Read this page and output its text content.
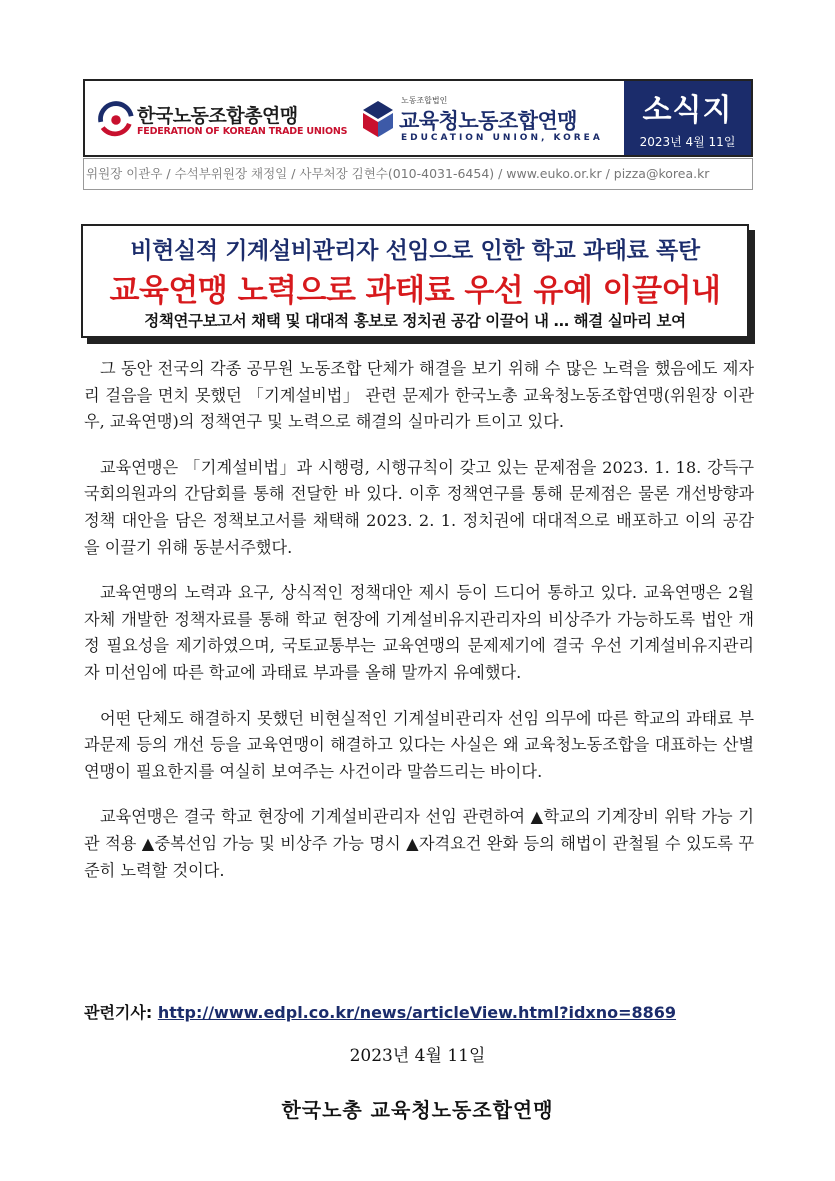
한국노동조합총연맹
FEDERATION OF KOREAN TRADE UNIONS
노동조합법인
교육청노동조합연맹
EDUCATION UNION, KOREA
소식지
2023년 4월 11일
위원장 이관우 / 수석부위원장 채정일 / 사무처장 김현수(010-4031-6454) / www.euko.or.kr / pizza@korea.kr
비현실적 기계설비관리자 선임으로 인한 학교 과태료 폭탄
교육연맹 노력으로 과태료 우선 유예 이끌어내
정책연구보고서 채택 및 대대적 홍보로 정치권 공감 이끌어 내 … 해결 실마리 보여

그 동안 전국의 각종 공무원 노동조합 단체가 해결을 보기 위해 수 많은 노력을 했음에도 제자리 걸음을 면치 못했던 「기계설비법」 관련 문제가 한국노총 교육청노동조합연맹(위원장 이관우, 교육연맹)의 정책연구 및 노력으로 해결의 실마리가 트이고 있다.

교육연맹은 「기계설비법」과 시행령, 시행규칙이 갖고 있는 문제점을 2023. 1. 18. 강득구 국회의원과의 간담회를 통해 전달한 바 있다. 이후 정책연구를 통해 문제점은 물론 개선방향과 정책 대안을 담은 정책보고서를 채택해 2023. 2. 1. 정치권에 대대적으로 배포하고 이의 공감을 이끌기 위해 동분서주했다.

교육연맹의 노력과 요구, 상식적인 정책대안 제시 등이 드디어 통하고 있다. 교육연맹은 2월 자체 개발한 정책자료를 통해 학교 현장에 기계설비유지관리자의 비상주가 가능하도록 법안 개정 필요성을 제기하였으며, 국토교통부는 교육연맹의 문제제기에 결국 우선 기계설비유지관리자 미선임에 따른 학교에 과태료 부과를 올해 말까지 유예했다.

어떤 단체도 해결하지 못했던 비현실적인 기계설비관리자 선임 의무에 따른 학교의 과태료 부과문제 등의 개선 등을 교육연맹이 해결하고 있다는 사실은 왜 교육청노동조합을 대표하는 산별연맹이 필요한지를 여실히 보여주는 사건이라 말씀드리는 바이다.

교육연맹은 결국 학교 현장에 기계설비관리자 선임 관련하여 ▲학교의 기계장비 위탁 가능 기관 적용 ▲중복선임 가능 및 비상주 가능 명시 ▲자격요건 완화 등의 해법이 관철될 수 있도록 꾸준히 노력할 것이다.

관련기사: http://www.edpl.co.kr/news/articleView.html?idxno=8869
2023년 4월 11일
한국노총 교육청노동조합연맹
